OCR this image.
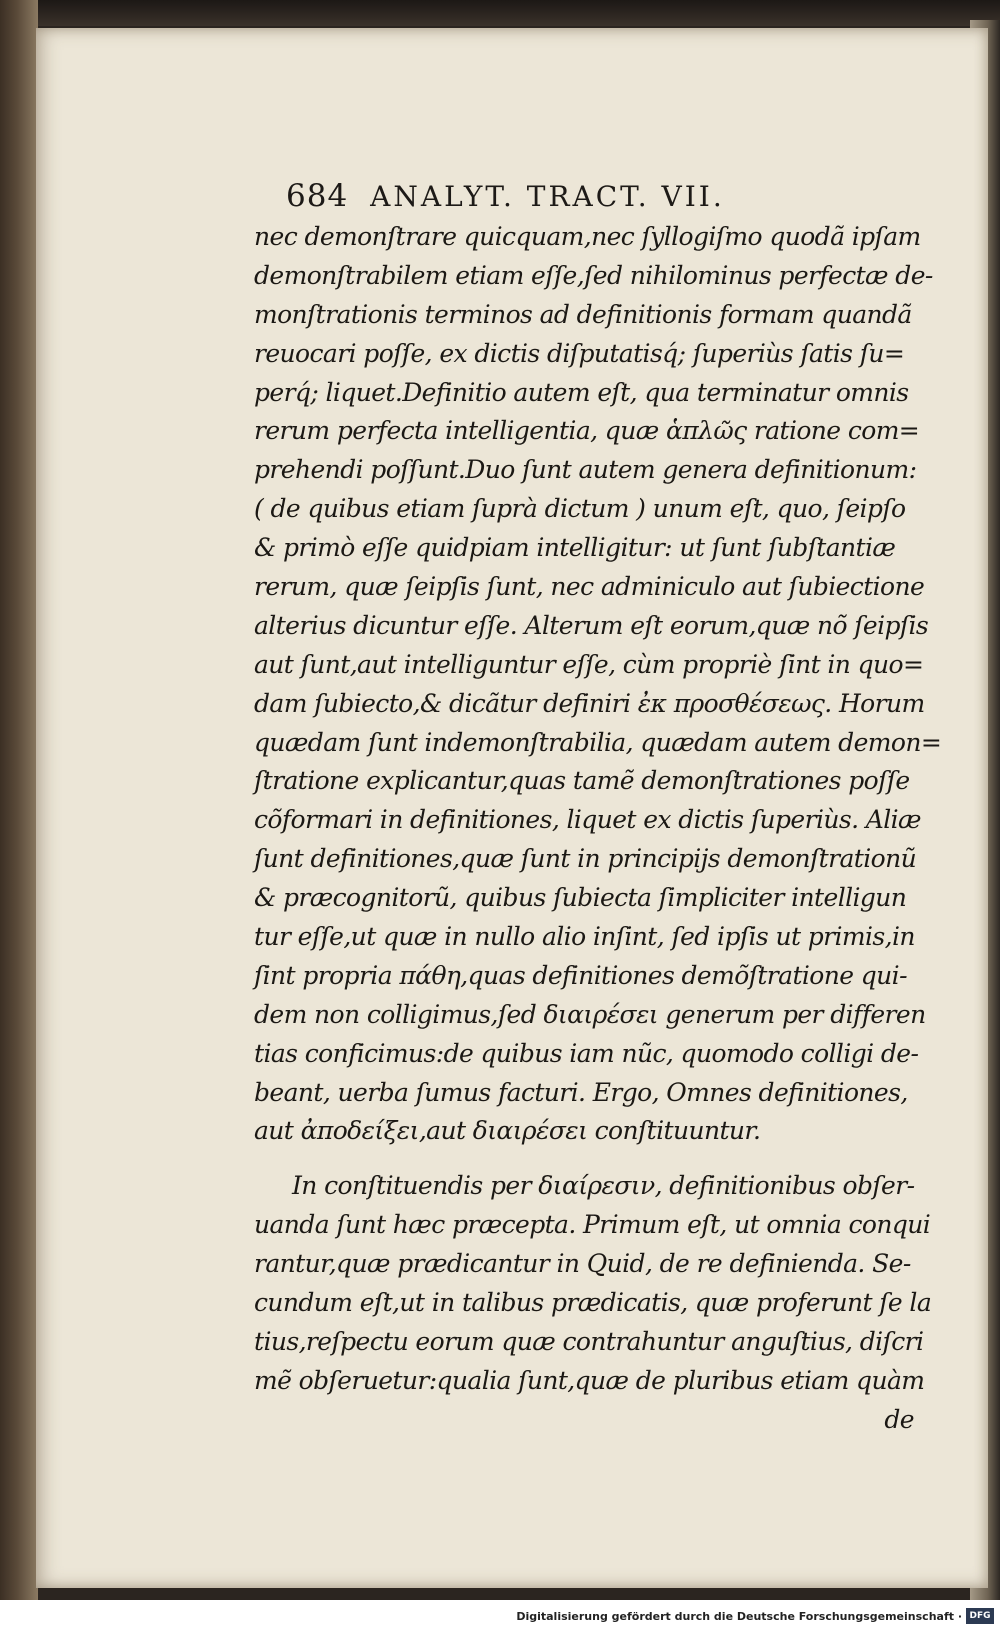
684 ANALYT. TRACT. VII.
nec demonſtrare quicquam,nec ſyllogiſmo quodã ipſam
demonſtrabilem etiam eſſe,ſed nihilominus perfectæ de-
monſtrationis terminos ad definitionis formam quandã
reuocari poſſe, ex dictis diſputatisq́; ſuperiùs ſatis ſu=
perq́; liquet.Definitio autem eſt, qua terminatur omnis
rerum perfecta intelligentia, quæ ἁπλῶς ratione com=
prehendi poſſunt.Duo ſunt autem genera definitionum:
( de quibus etiam ſuprà dictum ) unum eſt, quo, ſeipſo
& primò eſſe quidpiam intelligitur: ut ſunt ſubſtantiæ
rerum, quæ ſeipſis ſunt, nec adminiculo aut ſubiectione
alterius dicuntur eſſe. Alterum eſt eorum,quæ nõ ſeipſis
aut ſunt,aut intelliguntur eſſe, cùm propriè ſint in quo=
dam ſubiecto,& dicãtur definiri ἐκ προσθέσεως. Horum
quædam ſunt indemonſtrabilia, quædam autem demon=
ſtratione explicantur,quas tamẽ demonſtrationes poſſe
cõformari in definitiones, liquet ex dictis ſuperiùs. Aliæ
ſunt definitiones,quæ ſunt in principijs demonſtrationũ
& præcognitorũ, quibus ſubiecta ſimpliciter intelligun
tur eſſe,ut quæ in nullo alio inſint, ſed ipſis ut primis,in
ſint propria πάθη,quas definitiones demõſtratione qui-
dem non colligimus,ſed διαιρέσει generum per differen
tias conficimus:de quibus iam nũc, quomodo colligi de-
beant, uerba ſumus facturi. Ergo, Omnes definitiones,
aut ἀποδείξει,aut διαιρέσει conſtituuntur.
In conſtituendis per διαίρεσιν, definitionibus obſer-
uanda ſunt hæc præcepta. Primum eſt, ut omnia conqui
rantur,quæ prædicantur in Quid, de re definienda. Se-
cundum eſt,ut in talibus prædicatis, quæ proferunt ſe la
tius,reſpectu eorum quæ contrahuntur anguſtius, diſcri
mẽ obſeruetur:qualia ſunt,quæ de pluribus etiam quàm
de
Digitalisierung gefördert durch die Deutsche Forschungsgemeinschaft · DFG
